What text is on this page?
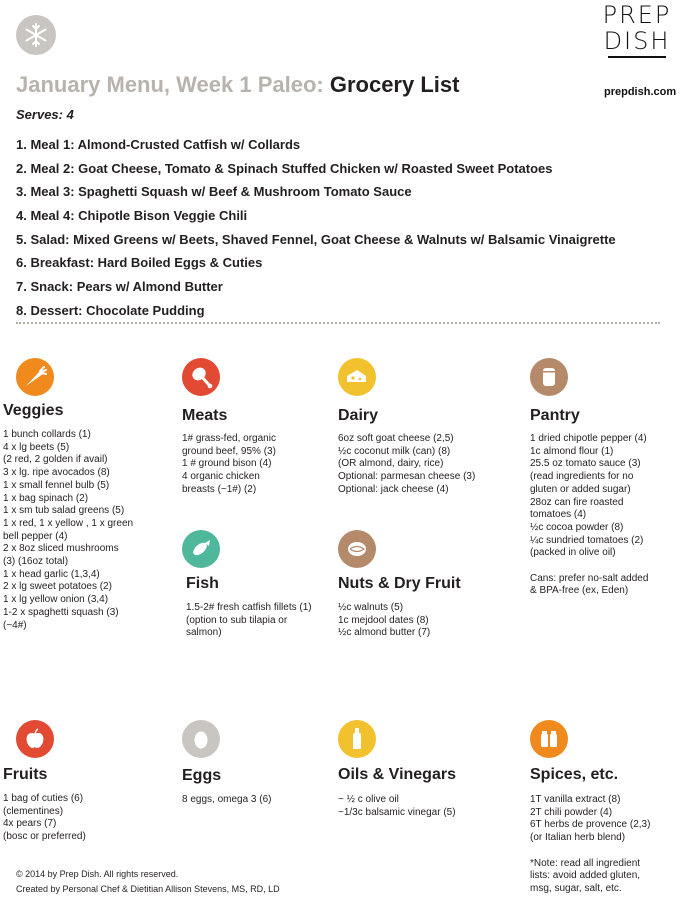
PREP
DISH
prepdish.com
January Menu, Week 1 Paleo: Grocery List
Serves: 4
1. Meal 1: Almond-Crusted Catfish w/ Collards
2. Meal 2: Goat Cheese, Tomato & Spinach Stuffed Chicken w/ Roasted Sweet Potatoes
3. Meal 3: Spaghetti Squash w/ Beef & Mushroom Tomato Sauce
4. Meal 4: Chipotle Bison Veggie Chili
5. Salad: Mixed Greens w/ Beets, Shaved Fennel, Goat Cheese & Walnuts w/ Balsamic Vinaigrette
6. Breakfast: Hard Boiled Eggs & Cuties
7. Snack: Pears w/ Almond Butter
8. Dessert: Chocolate Pudding
Veggies
1 bunch collards (1)
4 x lg beets (5)
(2 red, 2 golden if avail)
3 x lg. ripe avocados (8)
1 x small fennel bulb (5)
1 x bag spinach (2)
1 x sm tub salad greens (5)
1 x red, 1 x yellow , 1 x green
bell pepper (4)
2 x 8oz sliced mushrooms
(3) (16oz total)
1 x head garlic (1,3,4)
2 x lg sweet potatoes (2)
1 x lg yellow onion (3,4)
1-2 x spaghetti squash (3)
(~4#)
Meats
1# grass-fed, organic
ground beef, 95% (3)
1 # ground bison (4)
4 organic chicken
breasts (~1#) (2)
Dairy
6oz soft goat cheese (2,5)
½c coconut milk (can) (8)
(OR almond, dairy, rice)
Optional: parmesan cheese (3)
Optional: jack cheese (4)
Pantry
1 dried chipotle pepper (4)
1c almond flour (1)
25.5 oz tomato sauce (3)
(read ingredients for no
gluten or added sugar)
28oz can fire roasted
tomatoes (4)
½c cocoa powder (8)
¼c sundried tomatoes (2)
(packed in olive oil)
Cans: prefer no-salt added
& BPA-free (ex, Eden)
Fish
1.5-2# fresh catfish fillets (1)
(option to sub tilapia or
salmon)
Nuts & Dry Fruit
½c walnuts (5)
1c mejdool dates (8)
½c almond butter (7)
Fruits
1 bag of cuties (6)
(clementines)
4x pears (7)
(bosc or preferred)
Eggs
8 eggs, omega 3 (6)
Oils & Vinegars
~ ½ c olive oil
~1/3c balsamic vinegar (5)
Spices, etc.
1T vanilla extract (8)
2T chili powder (4)
6T herbs de provence (2,3)
(or Italian herb blend)
*Note: read all ingredient
lists: avoid added gluten,
msg, sugar, salt, etc.
© 2014 by Prep Dish. All rights reserved.
Created by Personal Chef & Dietitian Allison Stevens, MS, RD, LD
